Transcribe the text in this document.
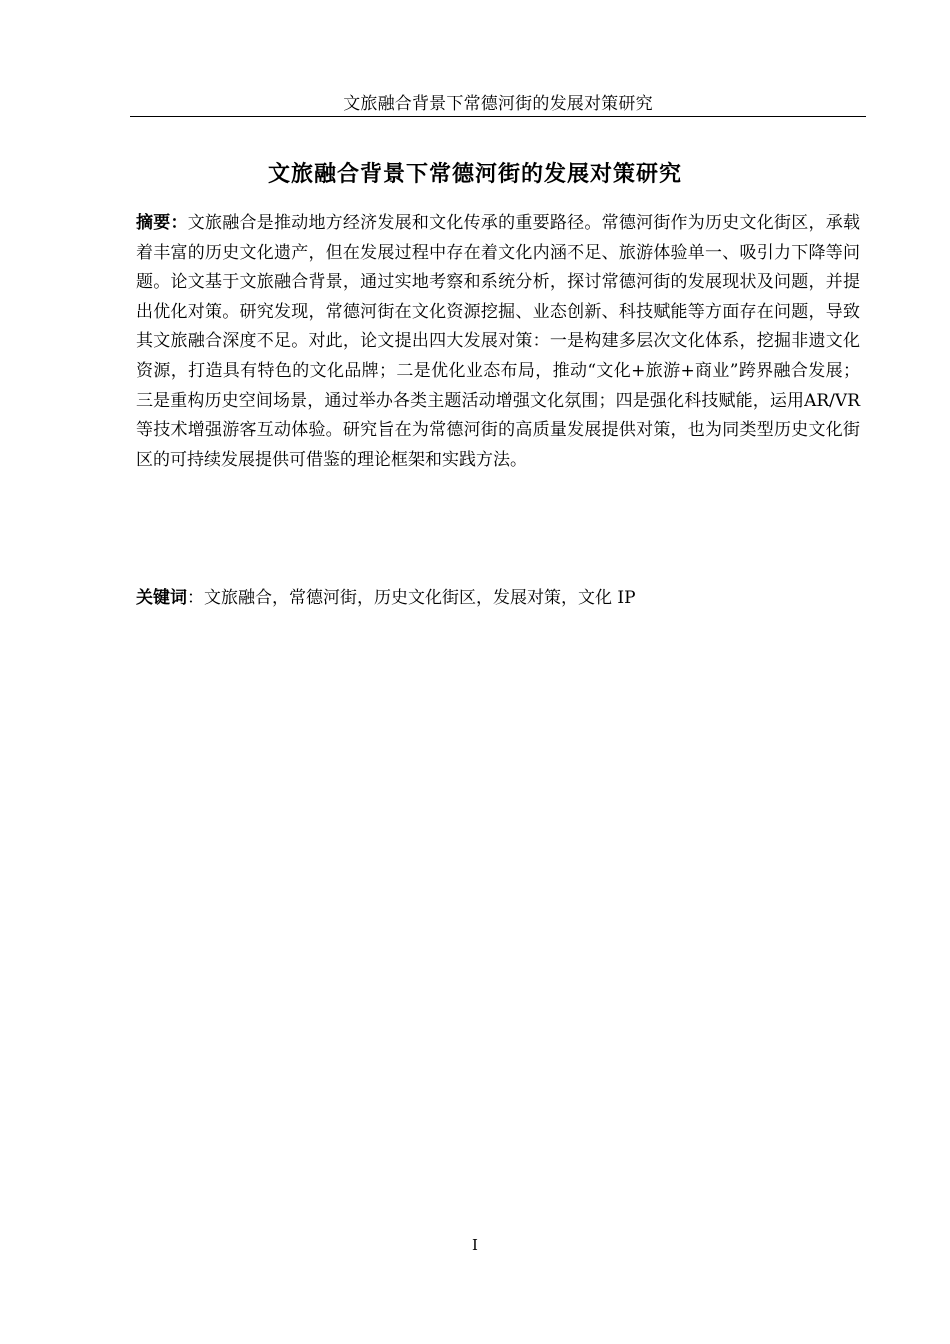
文旅融合背景下常德河街的发展对策研究
文旅融合背景下常德河街的发展对策研究

摘要：文旅融合是推动地方经济发展和文化传承的重要路径。常德河街作为历史文化街区，承载着丰富的历史文化遗产，但在发展过程中存在着文化内涵不足、旅游体验单一、吸引力下降等问题。论文基于文旅融合背景，通过实地考察和系统分析，探讨常德河街的发展现状及问题，并提出优化对策。研究发现，常德河街在文化资源挖掘、业态创新、科技赋能等方面存在问题，导致其文旅融合深度不足。对此，论文提出四大发展对策：一是构建多层次文化体系，挖掘非遗文化资源，打造具有特色的文化品牌；二是优化业态布局，推动“文化+旅游+商业”跨界融合发展；三是重构历史空间场景，通过举办各类主题活动增强文化氛围；四是强化科技赋能，运用AR/VR等技术增强游客互动体验。研究旨在为常德河街的高质量发展提供对策，也为同类型历史文化街区的可持续发展提供可借鉴的理论框架和实践方法。

关键词：文旅融合，常德河街，历史文化街区，发展对策，文化 IP

I
